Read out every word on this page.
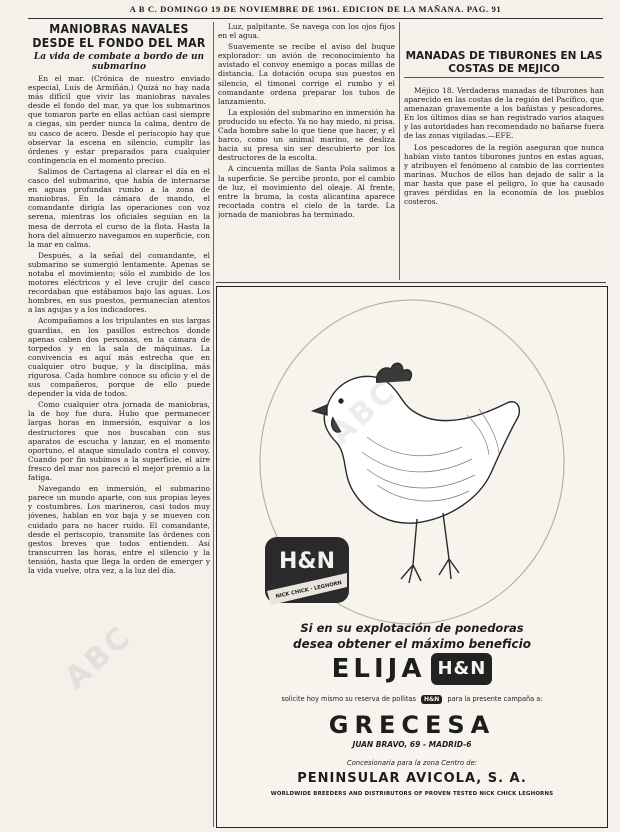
A B C. DOMINGO 19 DE NOVIEMBRE DE 1961. EDICION DE LA MAÑANA. PAG. 91
MANIOBRAS NAVALES DESDE EL FONDO DEL MAR
La vida de combate a bordo de un submarino

En el mar. (Crónica de nuestro enviado especial, Luis de Armiñán.) Quizá no hay nada más difícil que vivir las maniobras navales desde el fondo del mar, ya que los submarinos que tomaron parte en ellas actúan casi siempre a ciegas, sin perder nunca la calma, dentro de su casco de acero. Desde el periscopio hay que observar la escena en silencio, cumplir las órdenes y estar preparados para cualquier contingencia en el momento preciso.

Salimos de Cartagena al clarear el día en el casco del submarino, que había de internarse en aguas profundas rumbo a la zona de maniobras. En la cámara de mando, el comandante dirigía las operaciones con voz serena, mientras los oficiales seguían en la mesa de derrota el curso de la flota. Hasta la hora del almuerzo navegamos en superficie, con la mar en calma.

Después, a la señal del comandante, el submarino se sumergió lentamente. Apenas se notaba el movimiento; sólo el zumbido de los motores eléctricos y el leve crujir del casco recordaban que estábamos bajo las aguas. Los hombres, en sus puestos, permanecían atentos a las agujas y a los indicadores.

Acompañamos a los tripulantes en sus largas guardias, en los pasillos estrechos donde apenas caben dos personas, en la cámara de torpedos y en la sala de máquinas. La convivencia es aquí más estrecha que en cualquier otro buque, y la disciplina, más rigurosa. Cada hombre conoce su oficio y el de sus compañeros, porque de ello puede depender la vida de todos.

Como cualquier otra jornada de maniobras, la de hoy fue dura. Hubo que permanecer largas horas en inmersión, esquivar a los destructores que nos buscaban con sus aparatos de escucha y lanzar, en el momento oportuno, el ataque simulado contra el convoy. Cuando por fin subimos a la superficie, el aire fresco del mar nos pareció el mejor premio a la fatiga.

Navegando en inmersión, el submarino parece un mundo aparte, con sus propias leyes y costumbres. Los marineros, casi todos muy jóvenes, hablan en voz baja y se mueven con cuidado para no hacer ruido. El comandante, desde el periscopio, transmite las órdenes con gestos breves que todos entienden. Así transcurren las horas, entre el silencio y la tensión, hasta que llega la orden de emerger y la vida vuelve, otra vez, a la luz del día.

Luz, palpitante. Se navega con los ojos fijos en el agua.

Suavemente se recibe el aviso del buque explorador: un avión de reconocimiento ha avistado el convoy enemigo a pocas millas de distancia. La dotación ocupa sus puestos en silencio, el timonel corrige el rumbo y el comandante ordena preparar los tubos de lanzamiento.

La explosión del submarino en inmersión ha producido su efecto. Ya no hay miedo, ni prisa. Cada hombre sabe lo que tiene que hacer, y el barco, como un animal marino, se desliza hacia su presa sin ser descubierto por los destructores de la escolta.

A cincuenta millas de Santa Pola salimos a la superficie. Se percibe pronto, por el cambio de luz, el movimiento del oleaje. Al frente, entre la bruma, la costa alicantina aparece recortada contra el cielo de la tarde. La jornada de maniobras ha terminado.

MANADAS DE TIBURONES EN LAS COSTAS DE MEJICO

Méjico 18. Verdaderas manadas de tiburones han aparecido en las costas de la región del Pacífico, que amenazan gravemente a los bañistas y pescadores. En los últimos días se han registrado varios ataques y las autoridades han recomendado no bañarse fuera de las zonas vigiladas.—EFE.

Los pescadores de la región aseguran que nunca habían visto tantos tiburones juntos en estas aguas, y atribuyen el fenómeno al cambio de las corrientes marinas. Muchos de ellos han dejado de salir a la mar hasta que pase el peligro, lo que ha causado graves pérdidas en la economía de los pueblos costeros.

H&N
NICK CHICK · LEGHORN
Si en su explotación de ponedoras
desea obtener el máximo beneficio
ELIJA H&N
solicite hoy mismo su reserva de pollitas H&N para la presente campaña a:
GRECESA
JUAN BRAVO, 69 - MADRID-6
Concesionaria para la zona Centro de:
PENINSULAR AVICOLA, S. A.
WORLDWIDE BREEDERS AND DISTRIBUTORS OF PROVEN TESTED NICK CHICK LEGHORNS
ABC
